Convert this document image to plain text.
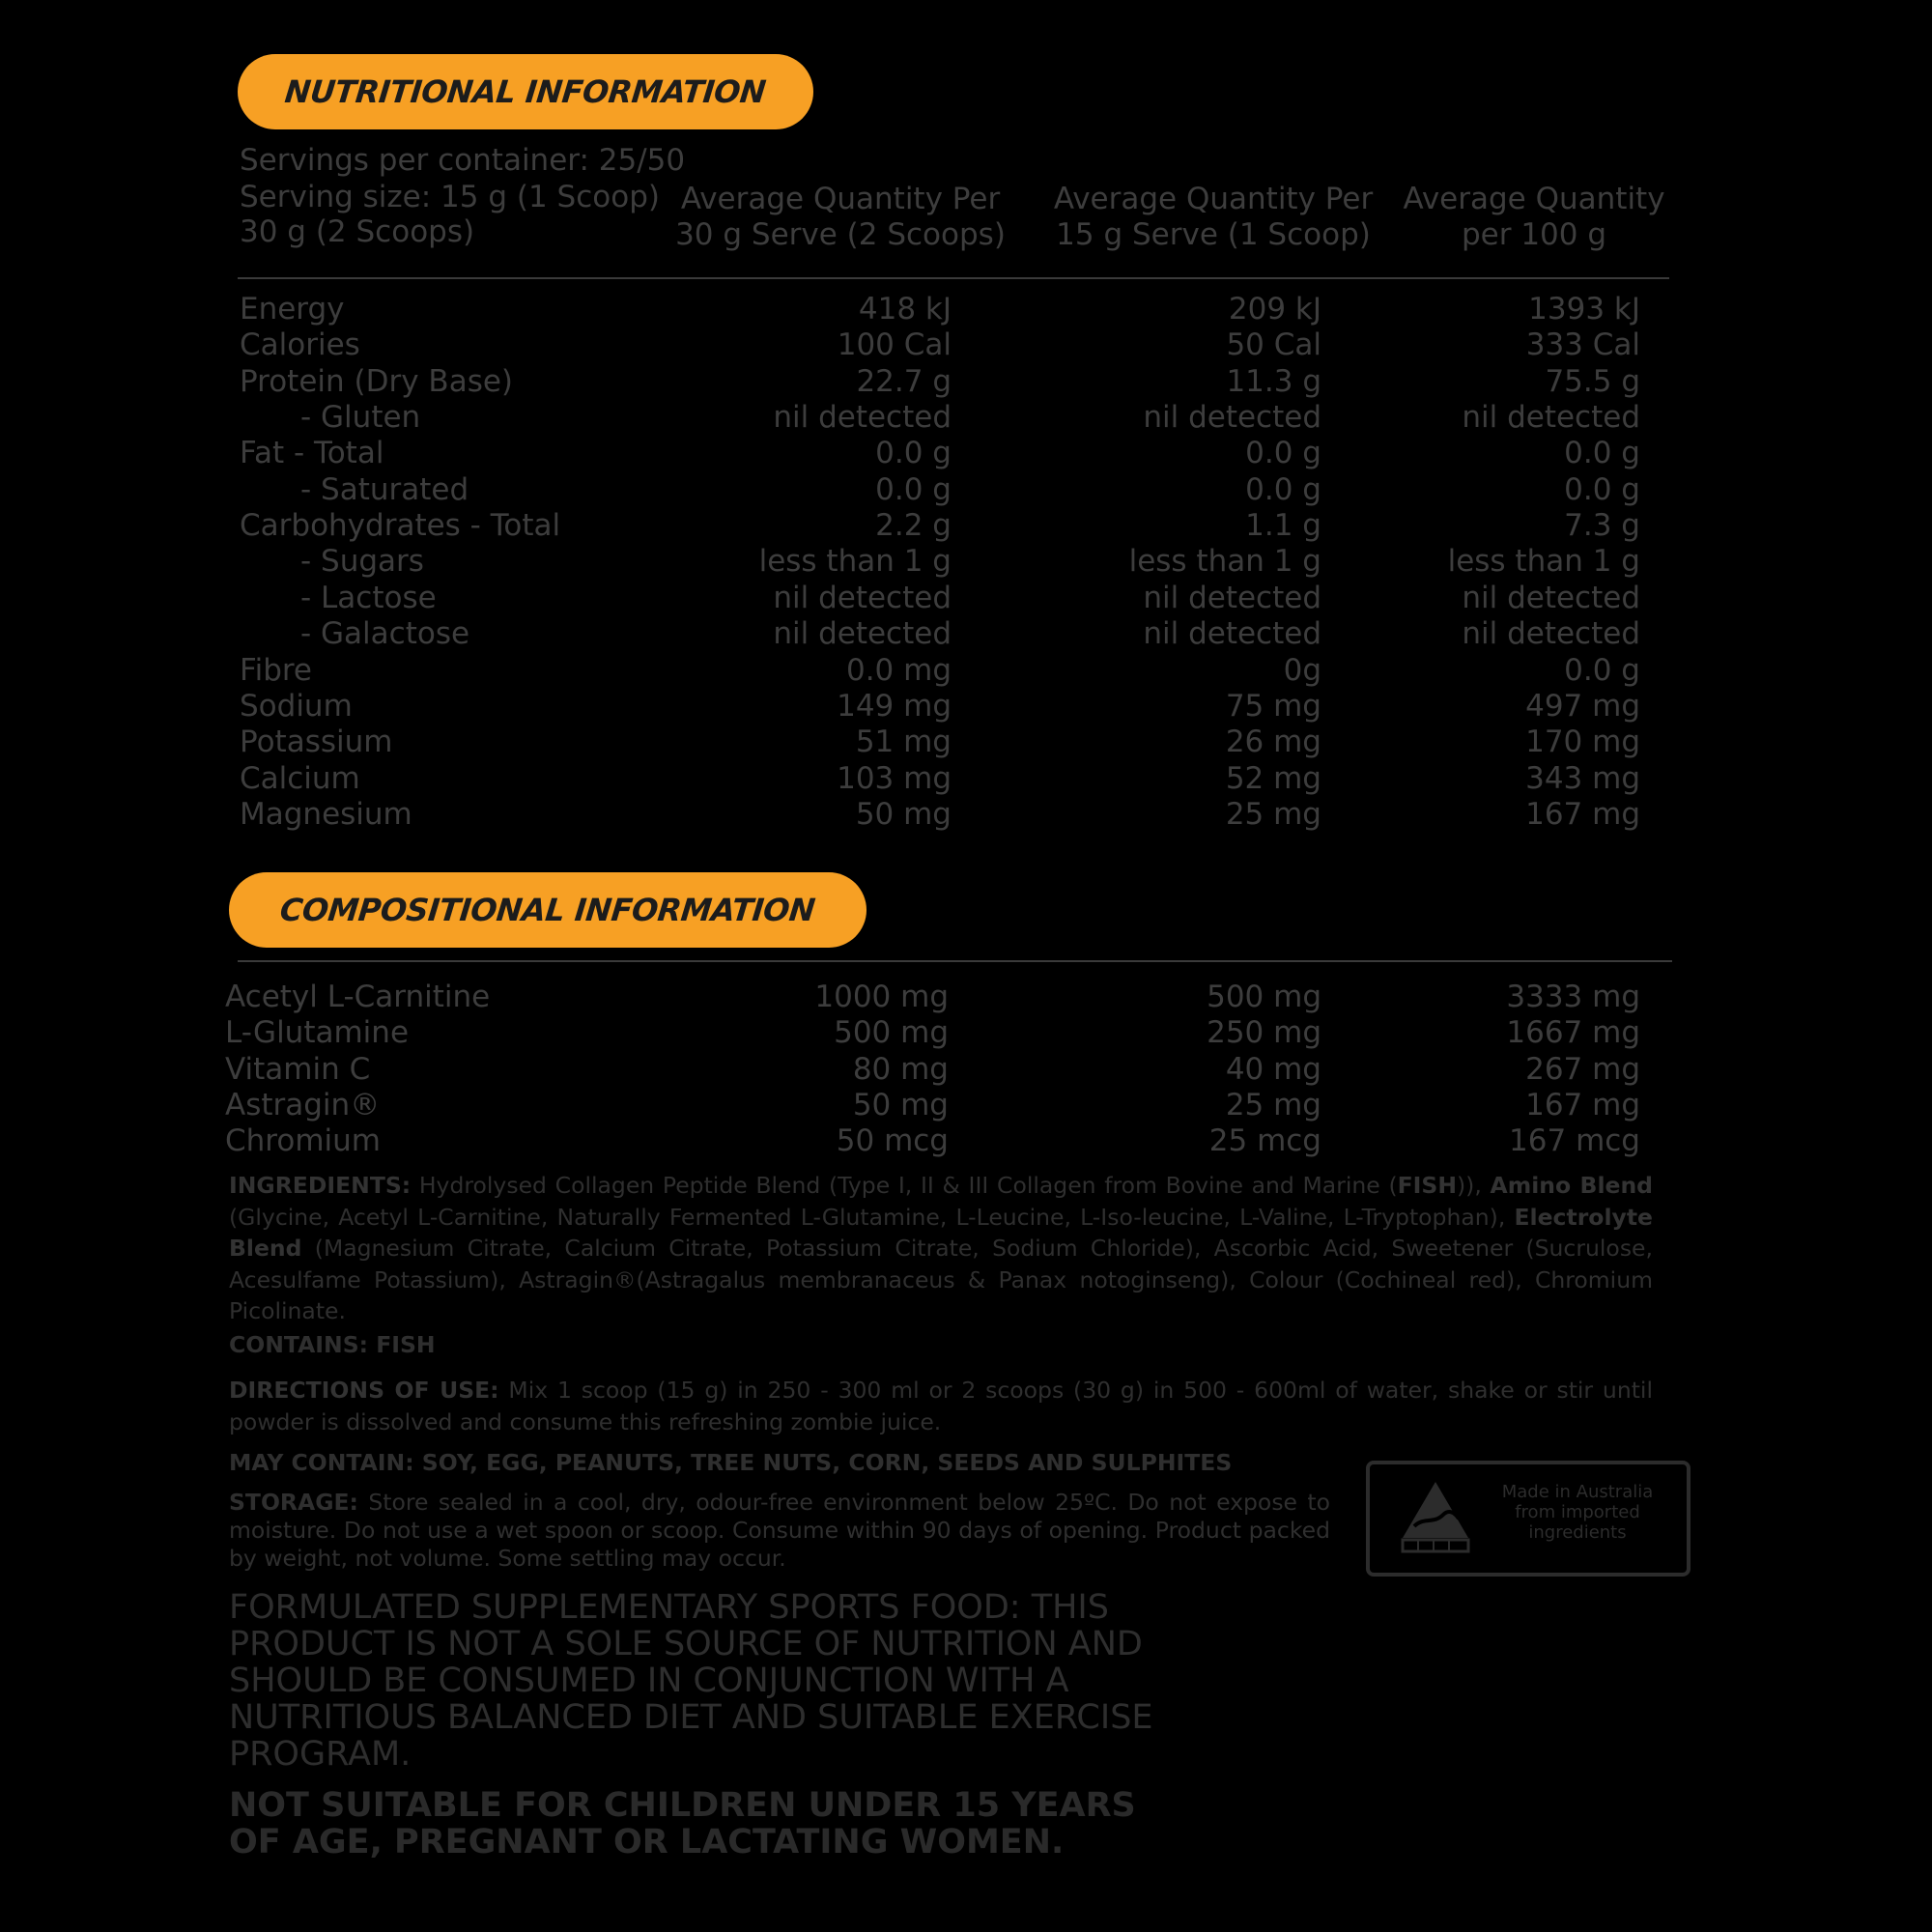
NUTRITIONAL INFORMATION
Servings per container: 25/50
Serving size: 15 g (1 Scoop)
30 g (2 Scoops)
Average Quantity Per
30 g Serve (2 Scoops)
Average Quantity Per
15 g Serve (1 Scoop)
Average Quantity
per 100 g
Energy	418 kJ	209 kJ	1393 kJ
Calories	100 Cal	50 Cal	333 Cal
Protein (Dry Base)	22.7 g	11.3 g	75.5 g
- Gluten	nil detected	nil detected	nil detected
Fat - Total	0.0 g	0.0 g	0.0 g
- Saturated	0.0 g	0.0 g	0.0 g
Carbohydrates - Total	2.2 g	1.1 g	7.3 g
- Sugars	less than 1 g	less than 1 g	less than 1 g
- Lactose	nil detected	nil detected	nil detected
- Galactose	nil detected	nil detected	nil detected
Fibre	0.0 mg	0g	0.0 g
Sodium	149 mg	75 mg	497 mg
Potassium	51 mg	26 mg	170 mg
Calcium	103 mg	52 mg	343 mg
Magnesium	50 mg	25 mg	167 mg
COMPOSITIONAL INFORMATION
Acetyl L-Carnitine	1000 mg	500 mg	3333 mg
L-Glutamine	500 mg	250 mg	1667 mg
Vitamin C	80 mg	40 mg	267 mg
Astragin®	50 mg	25 mg	167 mg
Chromium	50 mcg	25 mcg	167 mcg
INGREDIENTS: Hydrolysed Collagen Peptide Blend (Type I, II & III Collagen from Bovine and Marine (FISH)), Amino Blend (Glycine, Acetyl L-Carnitine, Naturally Fermented L-Glutamine, L-Leucine, L-Iso-leucine, L-Valine, L-Tryptophan), Electrolyte Blend (Magnesium Citrate, Calcium Citrate, Potassium Citrate, Sodium Chloride), Ascorbic Acid, Sweetener (Sucrulose, Acesulfame Potassium), Astragin®(Astragalus membranaceus & Panax notoginseng), Colour (Cochineal red), Chromium Picolinate.
CONTAINS: FISH
DIRECTIONS OF USE: Mix 1 scoop (15 g) in 250 - 300 ml or 2 scoops (30 g) in 500 - 600ml of water, shake or stir until powder is dissolved and consume this refreshing zombie juice.
MAY CONTAIN: SOY, EGG, PEANUTS, TREE NUTS, CORN, SEEDS AND SULPHITES
STORAGE: Store sealed in a cool, dry, odour-free environment below 25ºC. Do not expose to moisture. Do not use a wet spoon or scoop. Consume within 90 days of opening. Product packed by weight, not volume. Some settling may occur.
Made in Australia
from imported
ingredients
FORMULATED SUPPLEMENTARY SPORTS FOOD: THIS PRODUCT IS NOT A SOLE SOURCE OF NUTRITION AND SHOULD BE CONSUMED IN CONJUNCTION WITH A NUTRITIOUS BALANCED DIET AND SUITABLE EXERCISE PROGRAM.
NOT SUITABLE FOR CHILDREN UNDER 15 YEARS OF AGE, PREGNANT OR LACTATING WOMEN.
